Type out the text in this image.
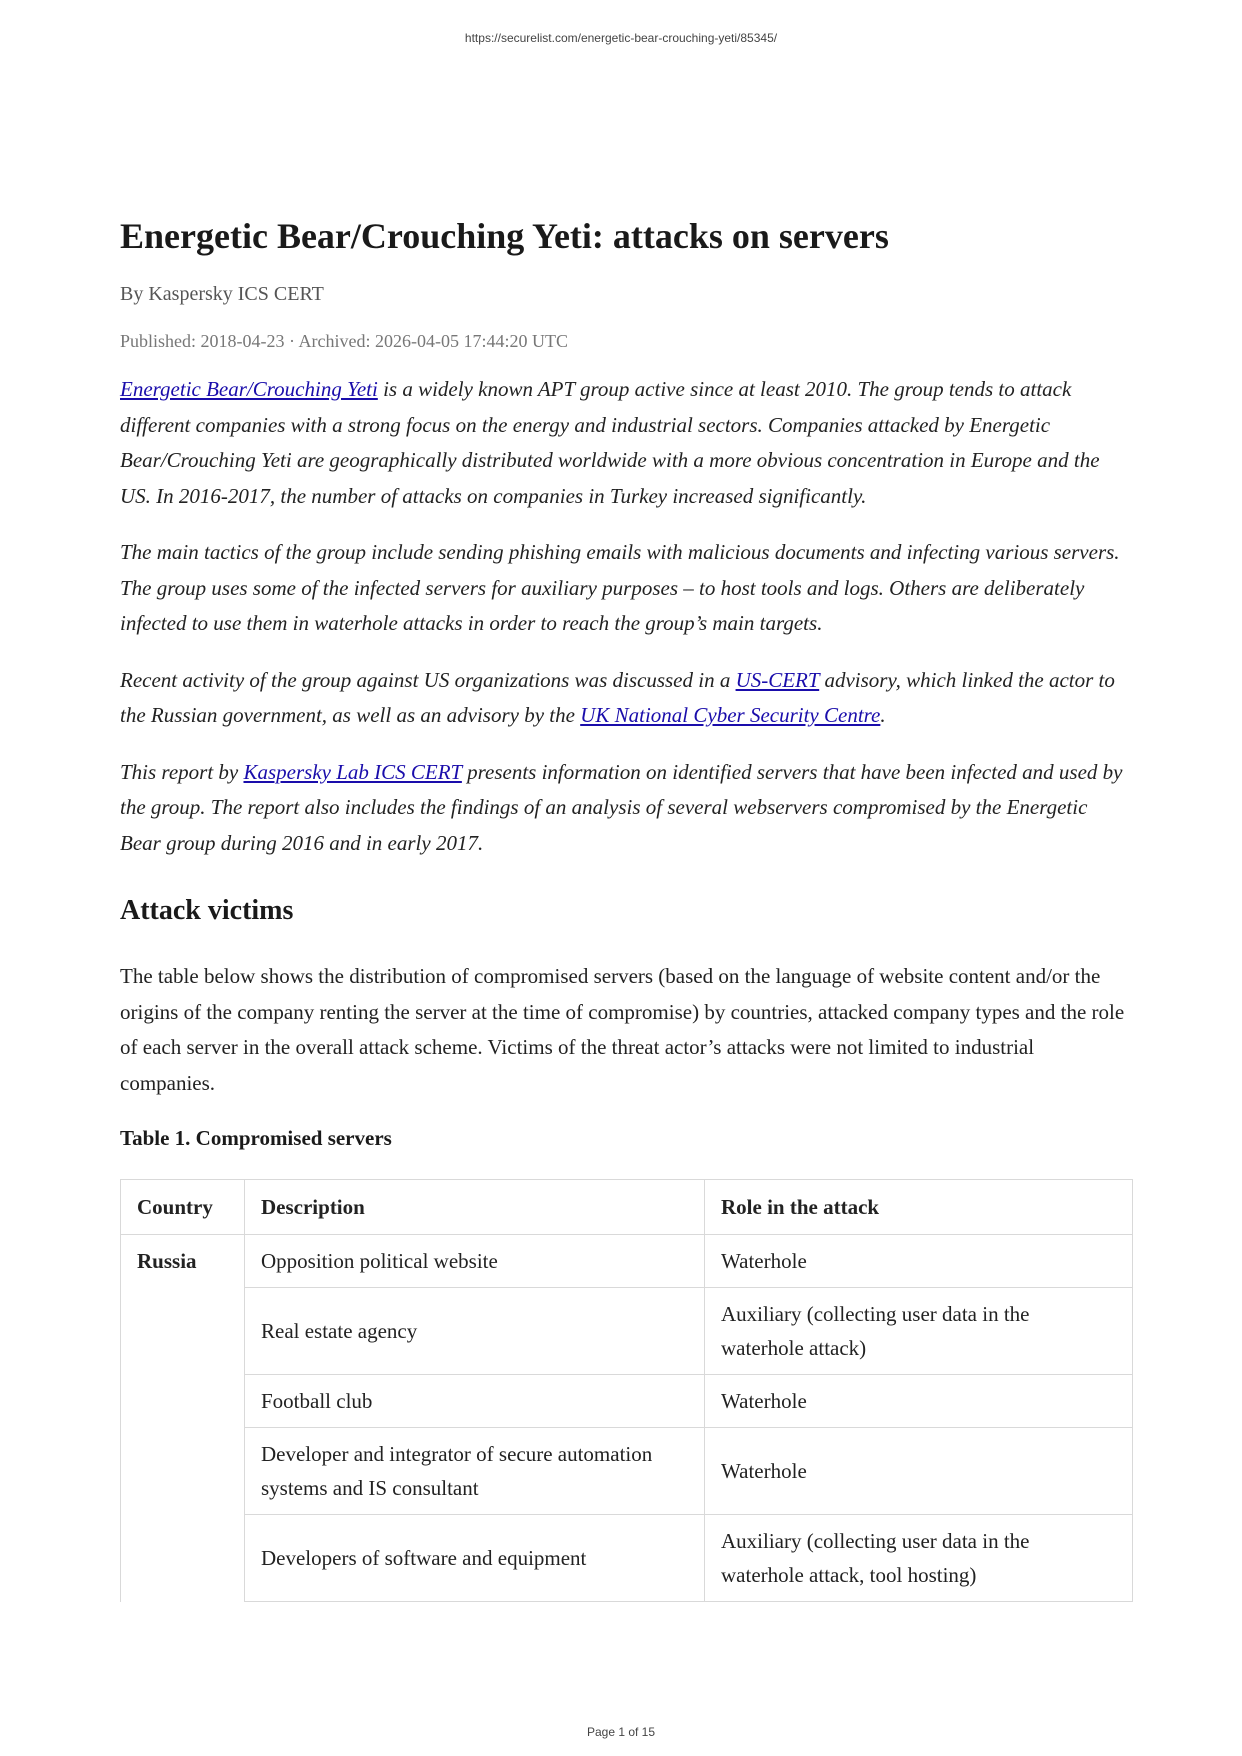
https://securelist.com/energetic-bear-crouching-yeti/85345/
Energetic Bear/Crouching Yeti: attacks on servers
By Kaspersky ICS CERT
Published: 2018-04-23 · Archived: 2026-04-05 17:44:20 UTC

Energetic Bear/Crouching Yeti is a widely known APT group active since at least 2010. The group tends to attack different companies with a strong focus on the energy and industrial sectors. Companies attacked by Energetic Bear/Crouching Yeti are geographically distributed worldwide with a more obvious concentration in Europe and the US. In 2016-2017, the number of attacks on companies in Turkey increased significantly.

The main tactics of the group include sending phishing emails with malicious documents and infecting various servers. The group uses some of the infected servers for auxiliary purposes – to host tools and logs. Others are deliberately infected to use them in waterhole attacks in order to reach the group’s main targets.

Recent activity of the group against US organizations was discussed in a US-CERT advisory, which linked the actor to the Russian government, as well as an advisory by the UK National Cyber Security Centre.

This report by Kaspersky Lab ICS CERT presents information on identified servers that have been infected and used by the group. The report also includes the findings of an analysis of several webservers compromised by the Energetic Bear group during 2016 and in early 2017.

Attack victims

The table below shows the distribution of compromised servers (based on the language of website content and/or the origins of the company renting the server at the time of compromise) by countries, attacked company types and the role of each server in the overall attack scheme. Victims of the threat actor’s attacks were not limited to industrial companies.

Table 1. Compromised servers

Country	Description	Role in the attack
Russia	Opposition political website	Waterhole
	Real estate agency	Auxiliary (collecting user data in the waterhole attack)
	Football club	Waterhole
	Developer and integrator of secure automation systems and IS consultant	Waterhole
	Developers of software and equipment	Auxiliary (collecting user data in the waterhole attack, tool hosting)
Page 1 of 15
